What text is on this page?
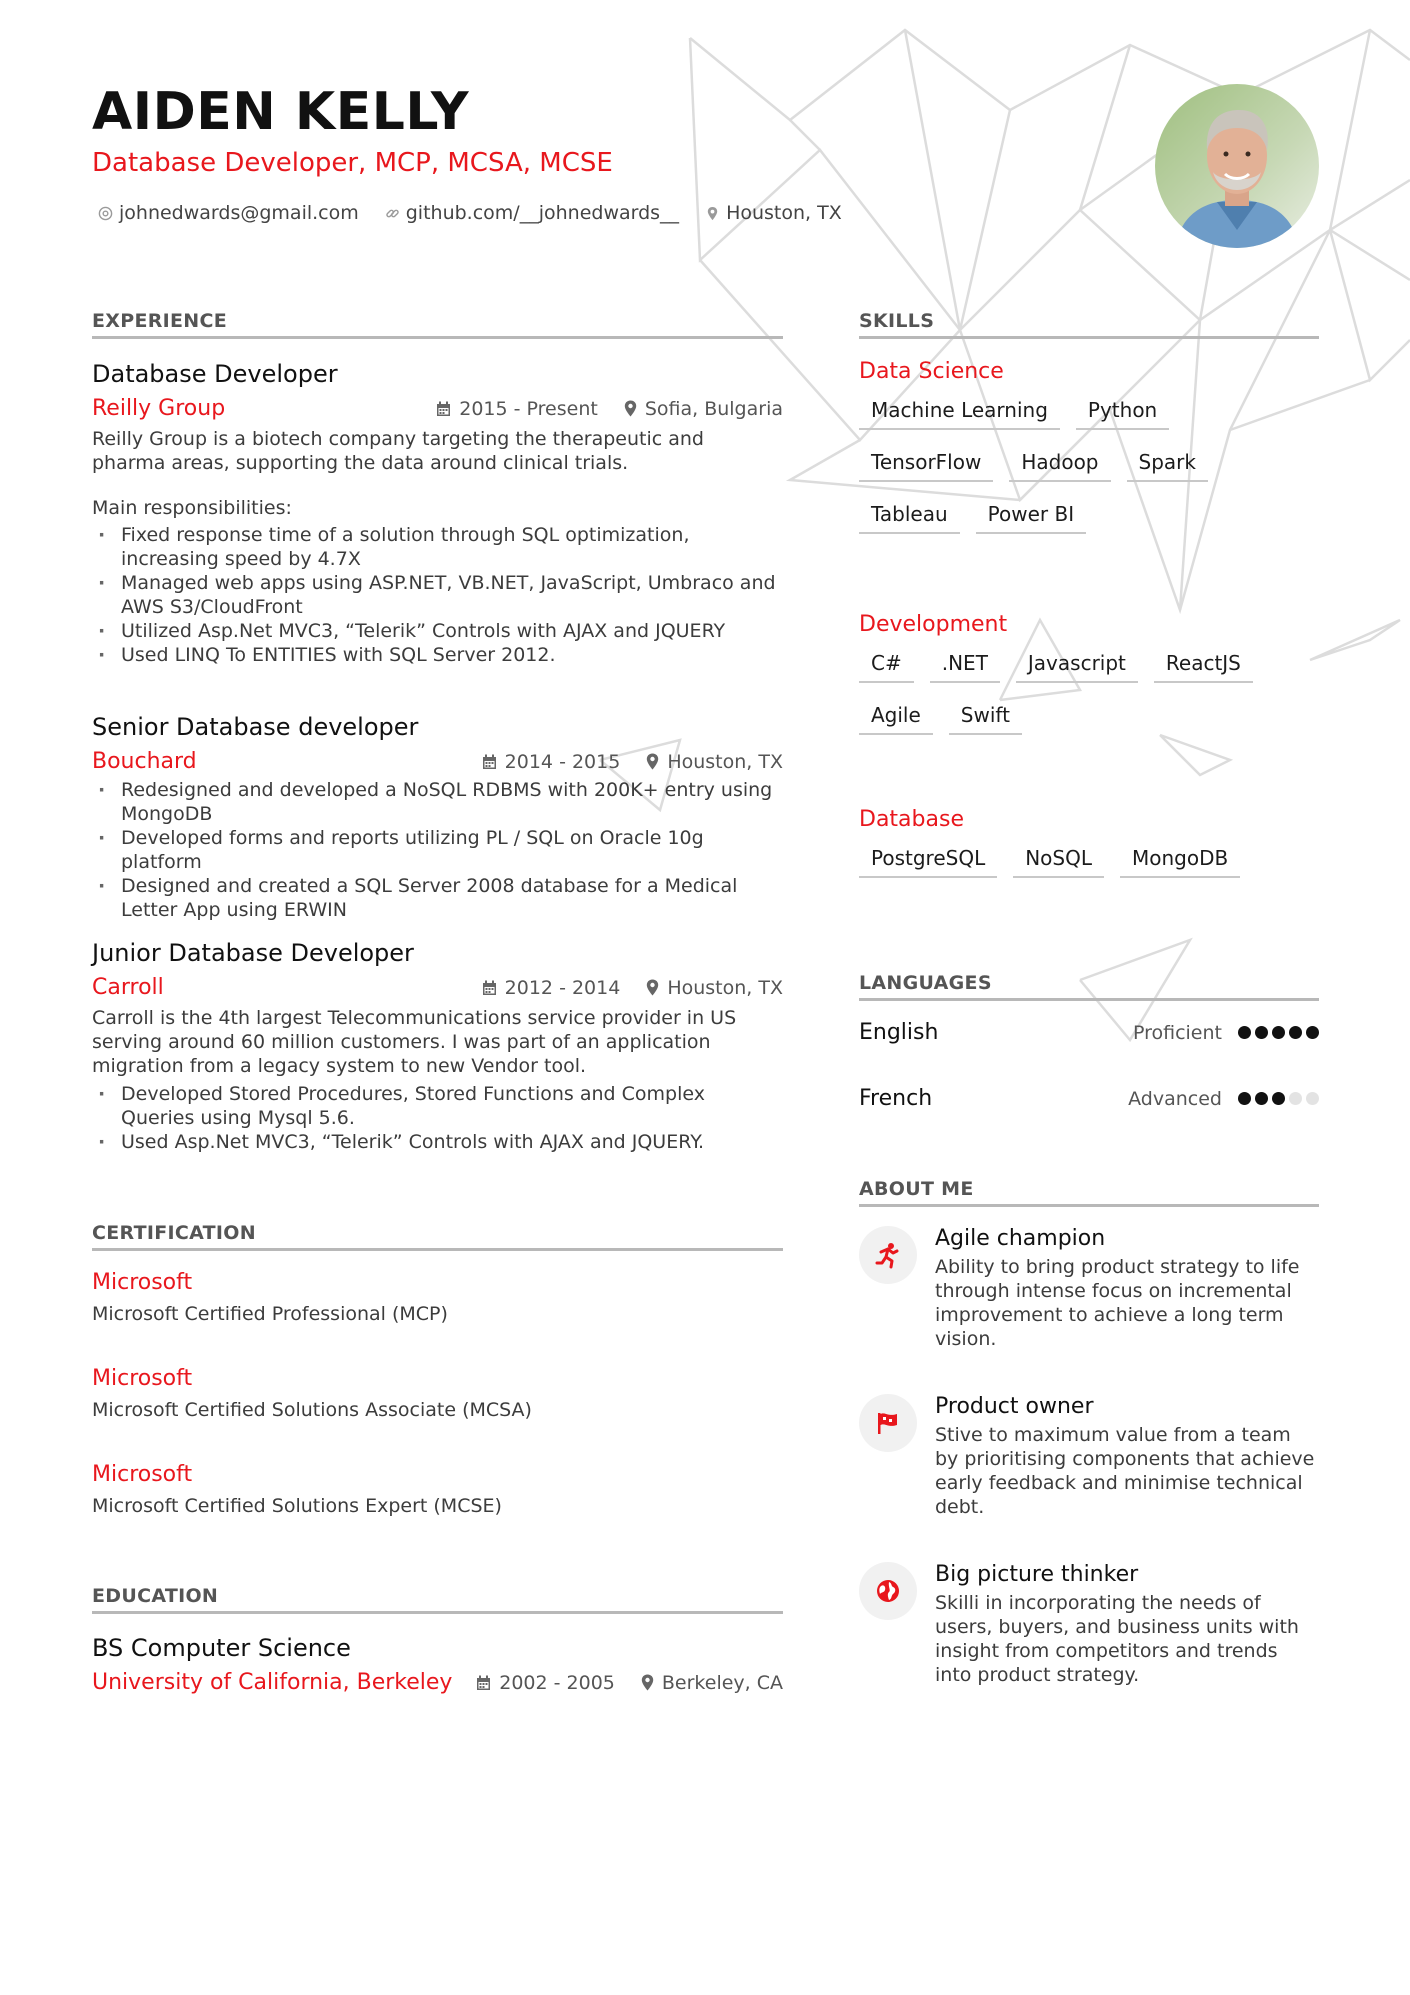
AIDEN KELLY

Database Developer, MCP, MCSA, MCSE

johnedwards@gmail.com github.com/__johnedwards__ Houston, TX
EXPERIENCE

Database Developer

Reilly Group	2015 - Present Sofia, Bulgaria

Reilly Group is a biotech company targeting the therapeutic and pharma areas, supporting the data around clinical trials.

Main responsibilities:

· Fixed response time of a solution through SQL optimization, increasing speed by 4.7X
· Managed web apps using ASP.NET, VB.NET, JavaScript, Umbraco and AWS S3/CloudFront
· Utilized Asp.Net MVC3, “Telerik” Controls with AJAX and JQUERY
· Used LINQ To ENTITIES with SQL Server 2012.

Senior Database developer

Bouchard	2014 - 2015 Houston, TX
· Redesigned and developed a NoSQL RDBMS with 200K+ entry using MongoDB
· Developed forms and reports utilizing PL / SQL on Oracle 10g platform
· Designed and created a SQL Server 2008 database for a Medical Letter App using ERWIN

Junior Database Developer

Carroll	2012 - 2014 Houston, TX

Carroll is the 4th largest Telecommunications service provider in US serving around 60 million customers. I was part of an application migration from a legacy system to new Vendor tool.

· Developed Stored Procedures, Stored Functions and Complex Queries using Mysql 5.6.
· Used Asp.Net MVC3, “Telerik” Controls with AJAX and JQUERY.
CERTIFICATION

Microsoft

Microsoft Certified Professional (MCP)

Microsoft

Microsoft Certified Solutions Associate (MCSA)

Microsoft

Microsoft Certified Solutions Expert (MCSE)

EDUCATION

BS Computer Science

University of California, Berkeley 2002 - 2005 Berkeley, CA
SKILLS

Data Science

Machine Learning	Python
TensorFlow	Hadoop	Spark
Tableau	Power BI

Development

C#	.NET	Javascript	ReactJS
Agile	Swift

Database

PostgreSQL	NoSQL	MongoDB
LANGUAGES
English	Proficient
French	Advanced
ABOUT ME

Agile champion

Ability to bring product strategy to life through intense focus on incremental improvement to achieve a long term vision.

Product owner

Stive to maximum value from a team by prioritising components that achieve early feedback and minimise technical debt.

Big picture thinker

Skilli in incorporating the needs of users, buyers, and business units with insight from competitors and trends into product strategy.
